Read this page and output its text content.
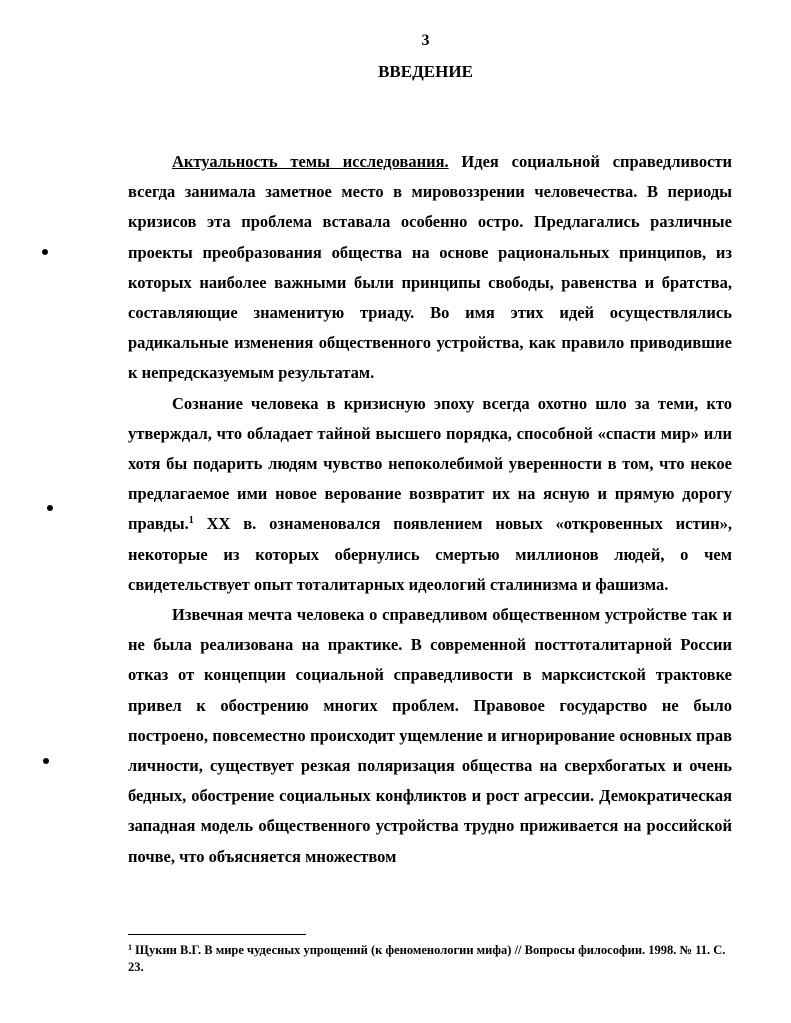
3
ВВЕДЕНИЕ

Актуальность темы исследования. Идея социальной справедливости всегда занимала заметное место в мировоззрении человечества. В периоды кризисов эта проблема вставала особенно остро. Предлагались различные проекты преобразования общества на основе рациональных принципов, из которых наиболее важными были принципы свободы, равенства и братства, составляющие знаменитую триаду. Во имя этих идей осуществлялись радикальные изменения общественного устройства, как правило приводившие к непредсказуемым результатам.

Сознание человека в кризисную эпоху всегда охотно шло за теми, кто утверждал, что обладает тайной высшего порядка, способной «спасти мир» или хотя бы подарить людям чувство непоколебимой уверенности в том, что некое предлагаемое ими новое верование возвратит их на ясную и прямую дорогу правды.$^1$ XX в. ознаменовался появлением новых «откровенных истин», некоторые из которых обернулись смертью миллионов людей, о чем свидетельствует опыт тоталитарных идеологий сталинизма и фашизма.

Извечная мечта человека о справедливом общественном устройстве так и не была реализована на практике. В современной посттоталитарной России отказ от концепции социальной справедливости в марксистской трактовке привел к обострению многих проблем. Правовое государство не было построено, повсеместно происходит ущемление и игнорирование основных прав личности, существует резкая поляризация общества на сверхбогатых и очень бедных, обострение социальных конфликтов и рост агрессии. Демократическая западная модель общественного устройства трудно приживается на российской почве, что объясняется множеством

$^1$ Щукин В.Г. В мире чудесных упрощений (к феноменологии мифа) // Вопросы философии. 1998. № 11. С. 23.
